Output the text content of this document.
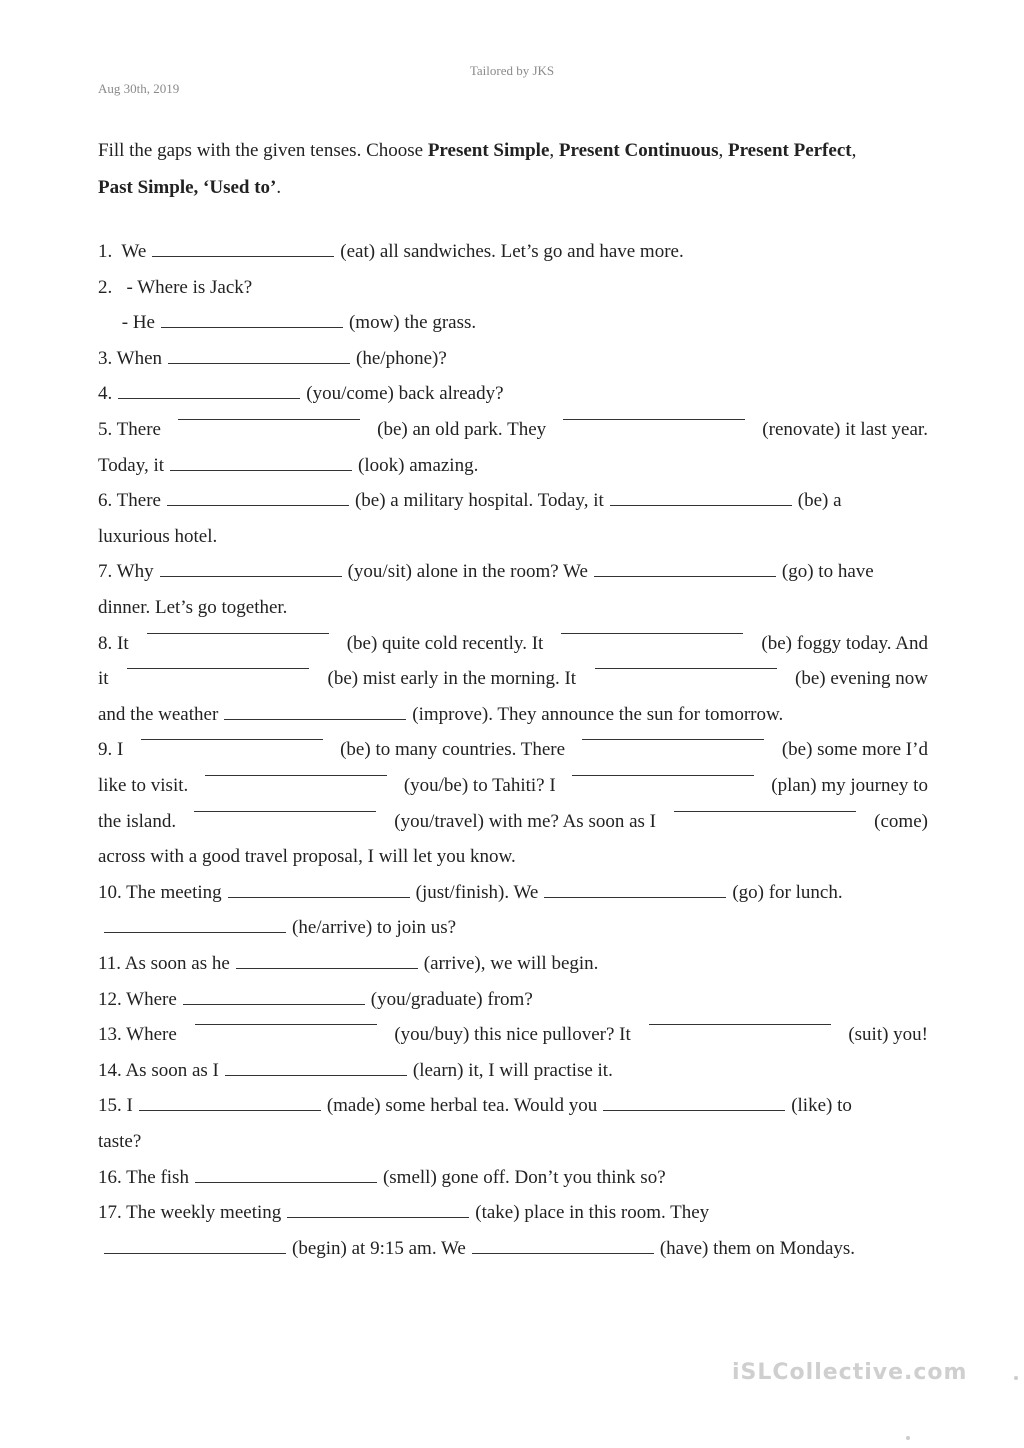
Tailored by JKS
Aug 30th, 2019
Fill the gaps with the given tenses. Choose Present Simple, Present Continuous, Present Perfect,
Past Simple, ‘Used to’.
1.  We	(eat) all sandwiches. Let’s go and have more.
2.   - Where is Jack?
- He	(mow) the grass.
3. When	(he/phone)?
4.	(you/come) back already?
5. There	(be) an old park. They	(renovate) it last year.
Today, it	(look) amazing.
6. There	(be) a military hospital. Today, it	(be) a
luxurious hotel.
7. Why	(you/sit) alone in the room? We	(go) to have
dinner. Let’s go together.
8. It	(be) quite cold recently. It	(be) foggy today. And
it	(be) mist early in the morning. It	(be) evening now
and the weather	(improve). They announce the sun for tomorrow.
9. I	(be) to many countries. There	(be) some more I’d
like to visit.	(you/be) to Tahiti? I	(plan) my journey to
the island.	(you/travel) with me? As soon as I	(come)
across with a good travel proposal, I will let you know.
10. The meeting	(just/finish). We	(go) for lunch.
(he/arrive) to join us?
11. As soon as he	(arrive), we will begin.
12. Where	(you/graduate) from?
13. Where	(you/buy) this nice pullover? It	(suit) you!
14. As soon as I	(learn) it, I will practise it.
15. I	(made) some herbal tea. Would you	(like) to
taste?
16. The fish	(smell) gone off. Don’t you think so?
17. The weekly meeting	(take) place in this room. They
(begin) at 9:15 am. We	(have) them on Mondays.
iSLCollective.com
